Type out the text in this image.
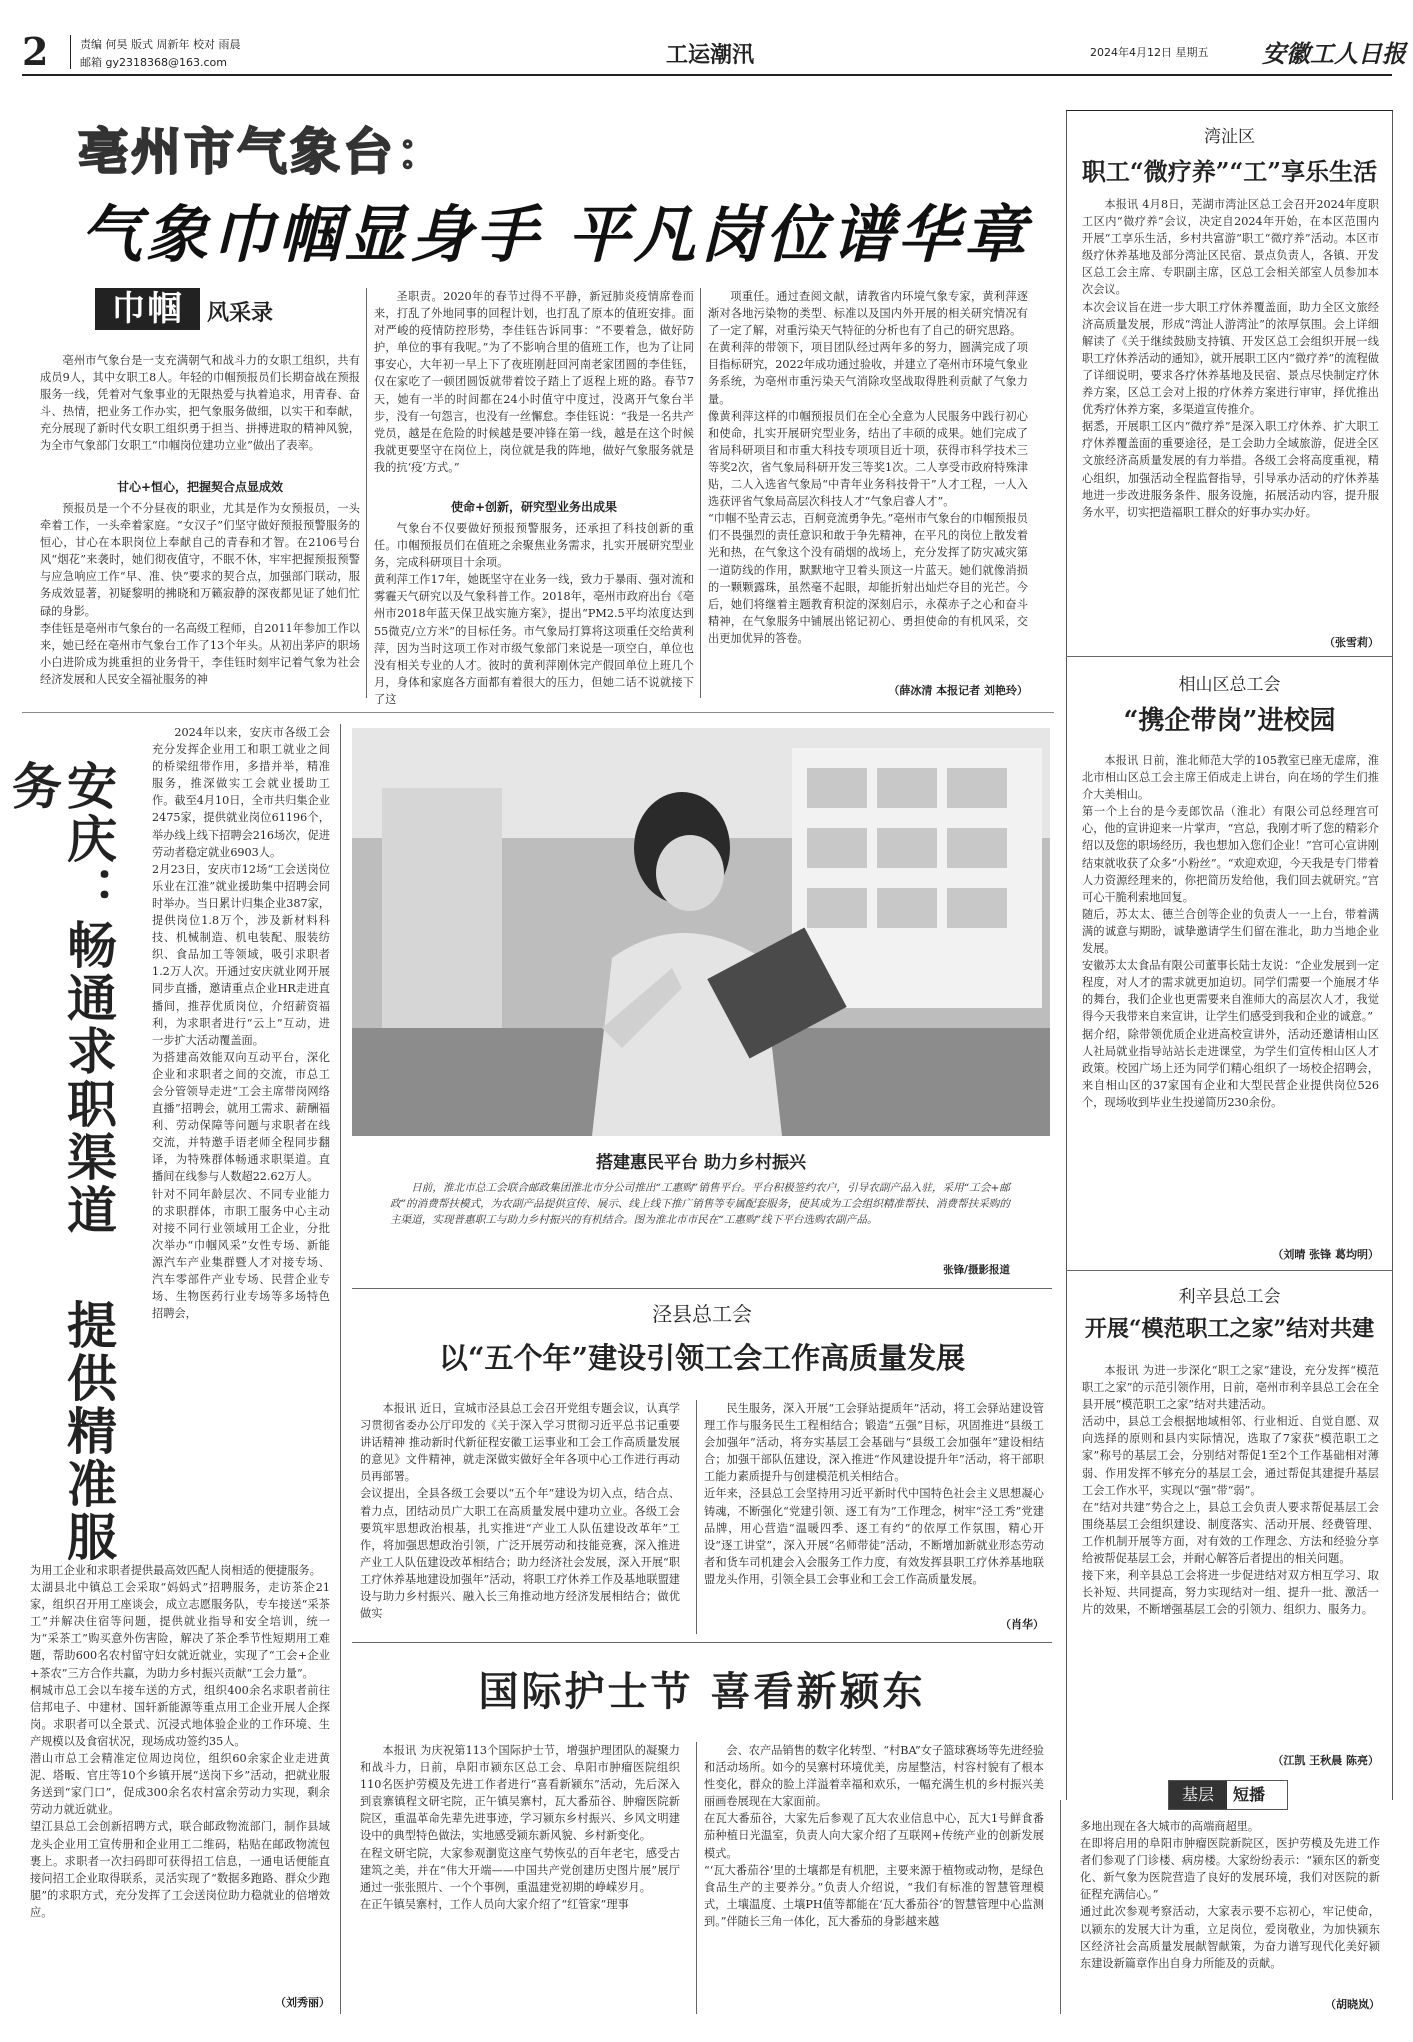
2	责编 何昊 版式 周新年 校对 雨晨
邮箱 gy2318368@163.com	工运潮汛	2024年4月12日 星期五 安徽工人日报
亳州市气象台：
气象巾帼显身手 平凡岗位谱华章
巾帼	风采录
亳州市气象台是一支充满朝气和战斗力的女职工组织，共有成员9人，其中女职工8人。年轻的巾帼预报员们长期奋战在预报服务一线，凭着对气象事业的无限热爱与执着追求，用青春、奋斗、热情，把业务工作办实，把气象服务做细，以实干和奉献，充分展现了新时代女职工组织勇于担当、拼搏进取的精神风貌，为全市气象部门女职工“巾帼岗位建功立业”做出了表率。
甘心+恒心，把握契合点显成效
预报员是一个不分昼夜的职业，尤其是作为女预报员，一头牵着工作，一头牵着家庭。“女汉子”们坚守做好预报预警服务的恒心，甘心在本职岗位上奉献自己的青春和才智。在2106号台风“烟花”来袭时，她们彻夜值守，不眠不休，牢牢把握预报预警与应急响应工作“早、准、快”要求的契合点，加强部门联动，服务成效显著，初疑黎明的拂晓和万籁寂静的深夜都见证了她们忙碌的身影。
李佳钰是亳州市气象台的一名高级工程师，自2011年参加工作以来，她已经在亳州市气象台工作了13个年头。从初出茅庐的职场小白进阶成为挑重担的业务骨干，李佳钰时刻牢记着气象为社会经济发展和人民安全福祉服务的神
圣职责。2020年的春节过得不平静，新冠肺炎疫情席卷而来，打乱了外地同事的回程计划，也打乱了原本的值班安排。面对严峻的疫情防控形势，李佳钰告诉同事：“不要着急，做好防护，单位的事有我呢。”为了不影响合里的值班工作，也为了让同事安心，大年初一早上下了夜班刚赶回河南老家团圆的李佳钰，仅在家吃了一顿团圆饭就带着饺子踏上了返程上班的路。春节7天，她有一半的时间都在24小时值守中度过，没离开气象台半步，没有一句怨言，也没有一丝懈怠。李佳钰说：“我是一名共产党员，越是在危险的时候越是要冲锋在第一线，越是在这个时候我就更要坚守在岗位上，岗位就是我的阵地，做好气象服务就是我的抗‘疫’方式。”
使命+创新，研究型业务出成果
气象台不仅要做好预报预警服务，还承担了科技创新的重任。巾帼预报员们在值班之余聚焦业务需求，扎实开展研究型业务，完成科研项目十余项。
黄利萍工作17年，她既坚守在业务一线，致力于暴雨、强对流和雾霾天气研究以及气象科普工作。2018年，亳州市政府出台《亳州市2018年蓝天保卫战实施方案》，提出“PM2.5平均浓度达到55微克/立方米”的目标任务。市气象局打算将这项重任交给黄利萍，因为当时这项工作对市级气象部门来说是一项空白，单位也没有相关专业的人才。彼时的黄利萍刚休完产假回单位上班几个月，身体和家庭各方面都有着很大的压力，但她二话不说就接下了这
项重任。通过查阅文献，请教省内环境气象专家，黄利萍逐渐对各地污染物的类型、标准以及国内外开展的相关研究情况有了一定了解，对重污染天气特征的分析也有了自己的研究思路。
在黄利萍的带领下，项目团队经过两年多的努力，圆满完成了项目指标研究，2022年成功通过验收，并建立了亳州市环境气象业务系统，为亳州市重污染天气消除攻坚战取得胜利贡献了气象力量。
像黄利萍这样的巾帼预报员们在全心全意为人民服务中践行初心和使命，扎实开展研究型业务，结出了丰硕的成果。她们完成了省局科研项目和市重大科技专项项目近十项，获得市科学技术三等奖2次，省气象局科研开发三等奖1次。二人享受市政府特殊津贴，二人入选省气象局“中青年业务科技骨干”人才工程，一人入选获评省气象局高层次科技人才“气象启睿人才”。
“巾帼不坠青云志，百舸竞流勇争先。”亳州市气象台的巾帼预报员们不畏强烈的责任意识和敢于争先精神，在平凡的岗位上散发着光和热，在气象这个没有硝烟的战场上，充分发挥了防灾减灾第一道防线的作用，默默地守卫着头顶这一片蓝天。她们就像消损的一颗颗露珠，虽然毫不起眼，却能折射出灿烂夺目的光芒。今后，她们将继着主题教育积淀的深刻启示，永葆赤子之心和奋斗精神，在气象服务中铺展出铭记初心、勇担使命的有机风采，交出更加优异的答卷。
（薛冰清 本报记者 刘艳玲）
湾沚区
职工“微疗养”“工”享乐生活
本报讯 4月8日，芜湖市湾沚区总工会召开2024年度职工区内“微疗养”会议，决定自2024年开始，在本区范围内开展“工享乐生活，乡村共富游”职工“微疗养”活动。本区市级疗休养基地及部分湾沚区民宿、景点负责人，各镇、开发区总工会主席、专职副主席，区总工会相关部室人员参加本次会议。
本次会议旨在进一步大职工疗休养覆盖面，助力全区文旅经济高质量发展，形成“湾沚人游湾沚”的浓厚氛围。会上详细解读了《关于继续鼓励支持镇、开发区总工会组织开展一线职工疗休养活动的通知》，就开展职工区内“微疗养”的流程做了详细说明，要求各疗休养基地及民宿、景点尽快制定疗休养方案，区总工会对上报的疗休养方案进行审审，择优推出优秀疗休养方案，多渠道宣传推介。
据悉，开展职工区内“微疗养”是深入职工疗休养、扩大职工疗休养覆盖面的重要途径，是工会助力全域旅游，促进全区文旅经济高质量发展的有力举措。各级工会将高度重视，精心组织，加强活动全程监督指导，引导承办活动的疗休养基地进一步改进服务条件、服务设施，拓展活动内容，提升服务水平，切实把造福职工群众的好事办实办好。
（张雪莉）
相山区总工会
“携企带岗”进校园
本报讯 日前，淮北师范大学的105教室已座无虚席，淮北市相山区总工会主席王佰成走上讲台，向在场的学生们推介大美相山。
第一个上台的是今麦郎饮品（淮北）有限公司总经理宫可心，他的宣讲迎来一片掌声，“宫总，我刚才听了您的精彩介绍以及您的职场经历，我也想加入您们企业！”宫可心宣讲刚结束就收获了众多“小粉丝”。“欢迎欢迎，今天我是专门带着人力资源经理来的，你把简历发给他，我们回去就研究。”宫可心干脆利索地回复。
随后，苏太太、德兰合创等企业的负责人一一上台，带着满满的诚意与期盼，诚挚邀请学生们留在淮北，助力当地企业发展。
安徽苏太太食品有限公司董事长陆士友说：“企业发展到一定程度，对人才的需求就更加迫切。同学们需要一个施展才华的舞台，我们企业也更需要来自淮师大的高层次人才，我觉得今天我带来自来宣讲，让学生们感受到我和企业的诚意。”
据介绍，除带领优质企业进高校宣讲外，活动还邀请相山区人社局就业指导站站长走进课堂，为学生们宣传相山区人才政策。校园广场上还为同学们精心组织了一场校企招聘会，来自相山区的37家国有企业和大型民营企业提供岗位526个，现场收到毕业生投递简历230余份。
（刘晴 张锋 葛均明）
利辛县总工会
开展“模范职工之家”结对共建
本报讯 为进一步深化“职工之家”建设，充分发挥“模范职工之家”的示范引领作用，日前，亳州市利辛县总工会在全县开展“模范职工之家”结对共建活动。
活动中，县总工会根据地域相邻、行业相近、自觉自愿、双向选择的原则和县内实际情况，选取了7家获“模范职工之家”称号的基层工会，分别结对帮促1至2个工作基础相对薄弱、作用发挥不够充分的基层工会，通过帮促其建提升基层工会工作水平，实现以“强”带“弱”。
在“结对共建”势合之上，县总工会负责人要求帮促基层工会围绕基层工会组织建设、制度落实、活动开展、经费管理、工作机制开展等方面，对有效的工作理念、方法和经验分享给被帮促基层工会，并耐心解答后者提出的相关问题。
接下来，利辛县总工会将进一步促进结对双方相互学习、取长补短、共同提高，努力实现结对一组、提升一批、激活一片的效果，不断增强基层工会的引领力、组织力、服务力。
（江凯 王秋晨 陈亮）
基层	短播
安庆：畅通求职渠道 提供精准服务
2024年以来，安庆市各级工会充分发挥企业用工和职工就业之间的桥梁纽带作用，多措并举，精准服务，推深做实工会就业援助工作。截至4月10日，全市共归集企业2475家，提供就业岗位61196个，举办线上线下招聘会216场次，促进劳动者稳定就业6903人。
2月23日，安庆市12场“工会送岗位 乐业在江淮”就业援助集中招聘会同时举办。当日累计归集企业387家，提供岗位1.8万个，涉及新材料科技、机械制造、机电装配、服装纺织、食品加工等领域，吸引求职者1.2万人次。开通过安庆就业网开展同步直播，邀请重点企业HR走进直播间，推荐优质岗位，介绍薪资福利，为求职者进行“云上”互动，进一步扩大活动覆盖面。
为搭建高效能双向互动平台，深化企业和求职者之间的交流，市总工会分管领导走进“工会主席带岗网络直播”招聘会，就用工需求、薪酬福利、劳动保障等问题与求职者在线交流，并特邀手语老师全程同步翻译，为特殊群体畅通求职渠道。直播间在线参与人数超22.62万人。
针对不同年龄层次、不同专业能力的求职群体，市职工服务中心主动对接不同行业领域用工企业，分批次举办“巾帼风采”女性专场、新能源汽车产业集群暨人才对接专场、汽车零部件产业专场、民营企业专场、生物医药行业专场等多场特色招聘会，
为用工企业和求职者提供最高效匹配人岗相适的便捷服务。
太湖县北中镇总工会采取“妈妈式”招聘服务，走访茶企21家，组织召开用工座谈会，成立志愿服务队，专车接送“采茶工”并解决住宿等问题，提供就业指导和安全培训，统一为“采茶工”购买意外伤害险，解决了茶企季节性短期用工难题，帮助600名农村留守妇女就近就业，实现了“工会+企业+茶农”三方合作共赢，为助力乡村振兴贡献“工会力量”。
桐城市总工会以车接车送的方式，组织400余名求职者前往信邦电子、中建材、国轩新能源等重点用工企业开展人企探岗。求职者可以全景式、沉浸式地体验企业的工作环境、生产规模以及食宿状况，现场成功签约35人。
潜山市总工会精准定位周边岗位，组织60余家企业走进黄泥、塔畈、官庄等10个乡镇开展“送岗下乡”活动，把就业服务送到“家门口”，促成300余名农村富余劳动力实现，剩余劳动力就近就业。
望江县总工会创新招聘方式，联合邮政物流部门，制作县域龙头企业用工宣传册和企业用工二维码，粘贴在邮政物流包裹上。求职者一次扫码即可获得招工信息，一通电话便能直接问招工企业取得联系，灵活实现了“数据多跑路、群众少跑腿”的求职方式，充分发挥了工会送岗位助力稳就业的倍增效应。
（刘秀丽）
搭建惠民平台 助力乡村振兴
日前，淮北市总工会联合邮政集团淮北市分公司推出“工惠购”销售平台。平台积极签约农户，引导农副产品入驻，采用“工会+邮政”的消费帮扶模式，为农副产品提供宣传、展示、线上线下推广销售等专属配套服务，使其成为工会组织精准帮扶、消费帮扶采购的主渠道，实现普惠职工与助力乡村振兴的有机结合。图为淮北市市民在“工惠购”线下平台选购农副产品。
张锋/摄影报道
泾县总工会
以“五个年”建设引领工会工作高质量发展
本报讯 近日，宣城市泾县总工会召开党组专题会议，认真学习贯彻省委办公厅印发的《关于深入学习贯彻习近平总书记重要讲话精神 推动新时代新征程安徽工运事业和工会工作高质量发展的意见》文件精神，就走深做实做好全年各项中心工作进行再动员再部署。
会议提出，全县各级工会要以“五个年”建设为切入点，结合点、着力点，团结动员广大职工在高质量发展中建功立业。各级工会要筑牢思想政治根基，扎实推进“产业工人队伍建设改革年”工作，将加强思想政治引领，广泛开展劳动和技能竞赛，深入推进产业工人队伍建设改革相结合；助力经济社会发展，深入开展“职工疗休养基地建设加强年”活动，将职工疗休养工作及基地联盟建设与助力乡村振兴、融入长三角推动地方经济发展相结合；做优做实
民生服务，深入开展“工会驿站提质年”活动，将工会驿站建设管理工作与服务民生工程相结合；锻造“五强”目标，巩固推进“县级工会加强年”活动，将夯实基层工会基础与“县级工会加强年”建设相结合；加强干部队伍建设，深入推进“作风建设提升年”活动，将干部职工能力素质提升与创建模范机关相结合。
近年来，泾县总工会坚持用习近平新时代中国特色社会主义思想凝心铸魂，不断强化“党建引领、逐工有为”工作理念，树牢“泾工秀”党建品牌，用心营造“温暖四季、逐工有约”的依厚工作氛围，精心开设“逐工讲堂”，深入开展“名师带徒”活动，不断增加新就业形态劳动者和货车司机建会入会服务工作力度，有效发挥县职工疗休养基地联盟龙头作用，引领全县工会事业和工会工作高质量发展。
（肖华）
国际护士节 喜看新颍东
本报讯 为庆祝第113个国际护士节，增强护理团队的凝聚力和战斗力，日前，阜阳市颍东区总工会、阜阳市肿瘤医院组织110名医护劳模及先进工作者进行“喜看新颍东”活动，先后深入到袁寨镇程文研宅院，正午镇吴寨村，瓦大番茄谷、肿瘤医院新院区，重温革命先辈先进事迹，学习颍东乡村振兴、乡风文明建设中的典型特色做法，实地感受颍东新风貌、乡村新变化。
在程文研宅院，大家参观瀏览这座气势恢弘的百年老宅，感受古建筑之美，并在“伟大开端——中国共产党创建历史图片展”展厅通过一张张照片、一个个事例，重温建党初期的峥嵘岁月。
在正午镇吴寨村，工作人员向大家介绍了“红管家”理事
会、农产品销售的数字化转型、“村BA”女子篮球赛场等先进经验和活动场所。如今的吴寨村环境优美，房屋整洁，村容村貌有了根本性变化，群众的脸上洋溢着幸福和欢乐，一幅充满生机的乡村振兴美丽画卷展现在大家面前。
在瓦大番茄谷，大家先后参观了瓦大农业信息中心，瓦大1号鲜食番茄种植日光温室，负责人向大家介绍了互联网+传统产业的创新发展模式。
“‘瓦大番茄谷’里的土壤都是有机肥，主要来源于植物或动物，是绿色食品生产的主要养分。”负责人介绍说，“我们有标准的智慧管理模式，土壤温度、土壤PH值等都能在‘瓦大番茄谷’的智慧管理中心监测到。”伴随长三角一体化，瓦大番茄的身影越来越
多地出现在各大城市的高端商超里。
在即将启用的阜阳市肿瘤医院新院区，医护劳模及先进工作者们参观了门诊楼、病房楼。大家纷纷表示：“颍东区的新变化、新气象为医院营造了良好的发展环境，我们对医院的新征程充满信心。”
通过此次参观考察活动，大家表示要不忘初心，牢记使命，以颍东的发展大计为重，立足岗位，爱岗敬业，为加快颍东区经济社会高质量发展献智献策，为奋力谱写现代化美好颍东建设新篇章作出自身力所能及的贡献。
（胡晓岚）
